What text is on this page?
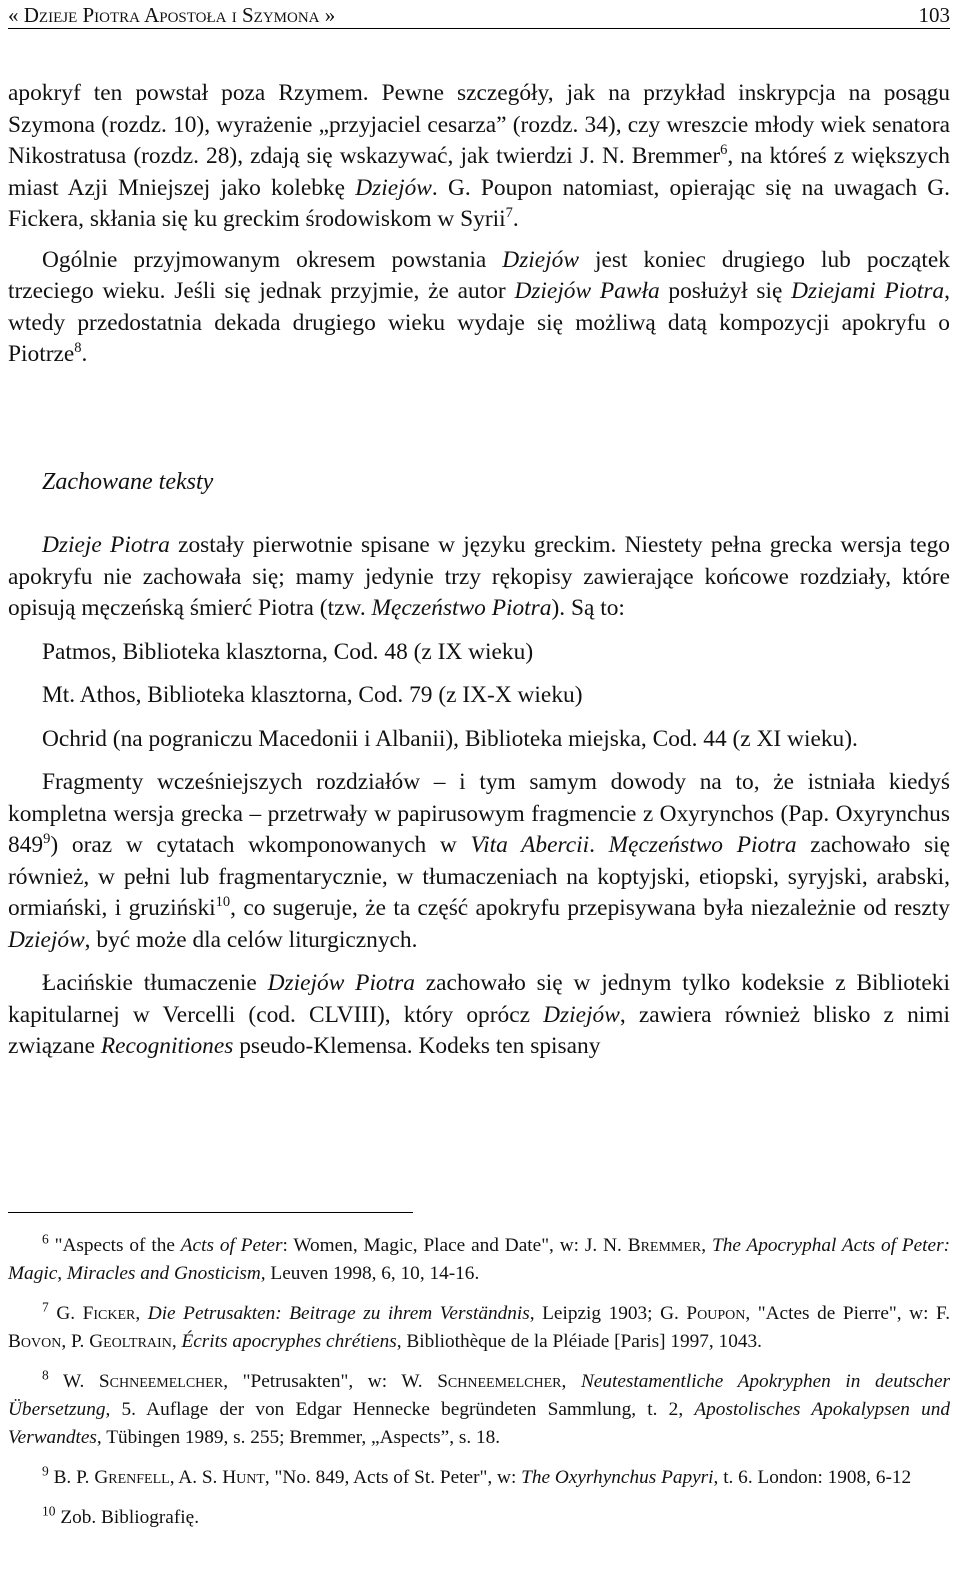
« Dzieje Piotra Apostoła i Szymona »	103

apokryf ten powstał poza Rzymem. Pewne szczegóły, jak na przykład inskrypcja na posągu Szymona (rozdz. 10), wyrażenie „przyjaciel cesarza” (rozdz. 34), czy wreszcie młody wiek senatora Nikostratusa (rozdz. 28), zdają się wskazywać, jak twierdzi J. N. Bremmer$^6$, na któreś z większych miast Azji Mniejszej jako kolebkę Dziejów. G. Poupon natomiast, opierając się na uwagach G. Fickera, skłania się ku greckim środowiskom w Syrii$^7$.

Ogólnie przyjmowanym okresem powstania Dziejów jest koniec drugiego lub początek trzeciego wieku. Jeśli się jednak przyjmie, że autor Dziejów Pawła posłużył się Dziejami Piotra, wtedy przedostatnia dekada drugiego wieku wydaje się możliwą datą kompozycji apokryfu o Piotrze$^8$.

Zachowane teksty

Dzieje Piotra zostały pierwotnie spisane w języku greckim. Niestety pełna grecka wersja tego apokryfu nie zachowała się; mamy jedynie trzy rękopisy zawierające końcowe rozdziały, które opisują męczeńską śmierć Piotra (tzw. Męczeństwo Piotra). Są to:

Patmos, Biblioteka klasztorna, Cod. 48 (z IX wieku)

Mt. Athos, Biblioteka klasztorna, Cod. 79 (z IX-X wieku)

Ochrid (na pograniczu Macedonii i Albanii), Biblioteka miejska, Cod. 44 (z XI wieku).

Fragmenty wcześniejszych rozdziałów – i tym samym dowody na to, że istniała kiedyś kompletna wersja grecka – przetrwały w papirusowym fragmencie z Oxyrynchos (Pap. Oxyrynchus $849^9$) oraz w cytatach wkomponowanych w Vita Abercii. Męczeństwo Piotra zachowało się również, w pełni lub fragmentarycznie, w tłumaczeniach na koptyjski, etiopski, syryjski, arabski, ormiański, i gruziński$^{10}$, co sugeruje, że ta część apokryfu przepisywana była niezależnie od reszty Dziejów, być może dla celów liturgicznych.

Łacińskie tłumaczenie Dziejów Piotra zachowało się w jednym tylko kodeksie z Biblioteki kapitularnej w Vercelli (cod. CLVIII), który oprócz Dziejów, zawiera również blisko z nimi związane Recognitiones pseudo-Klemensa. Kodeks ten spisany

$^6$ "Aspects of the Acts of Peter: Women, Magic, Place and Date", w: J. N. Bremmer, The Apocryphal Acts of Peter: Magic, Miracles and Gnosticism, Leuven 1998, 6, 10, 14-16.

$^7$ G. Ficker, Die Petrusakten: Beitrage zu ihrem Verständnis, Leipzig 1903; G. Poupon, "Actes de Pierre", w: F. Bovon, P. Geoltrain, Écrits apocryphes chrétiens, Bibliothèque de la Pléiade [Paris] 1997, 1043.

$^8$ W. Schneemelcher, "Petrusakten", w: W. Schneemelcher, Neutestamentliche Apokryphen in deutscher Übersetzung, 5. Auflage der von Edgar Hennecke begründeten Sammlung, t. 2, Apostolisches Apokalypsen und Verwandtes, Tübingen 1989, s. 255; Bremmer, „Aspects”, s. 18.

$^9$ B. P. Grenfell, A. S. Hunt, "No. 849, Acts of St. Peter", w: The Oxyrhynchus Papyri, t. 6. London: 1908, 6-12

$^{10}$ Zob. Bibliografię.
